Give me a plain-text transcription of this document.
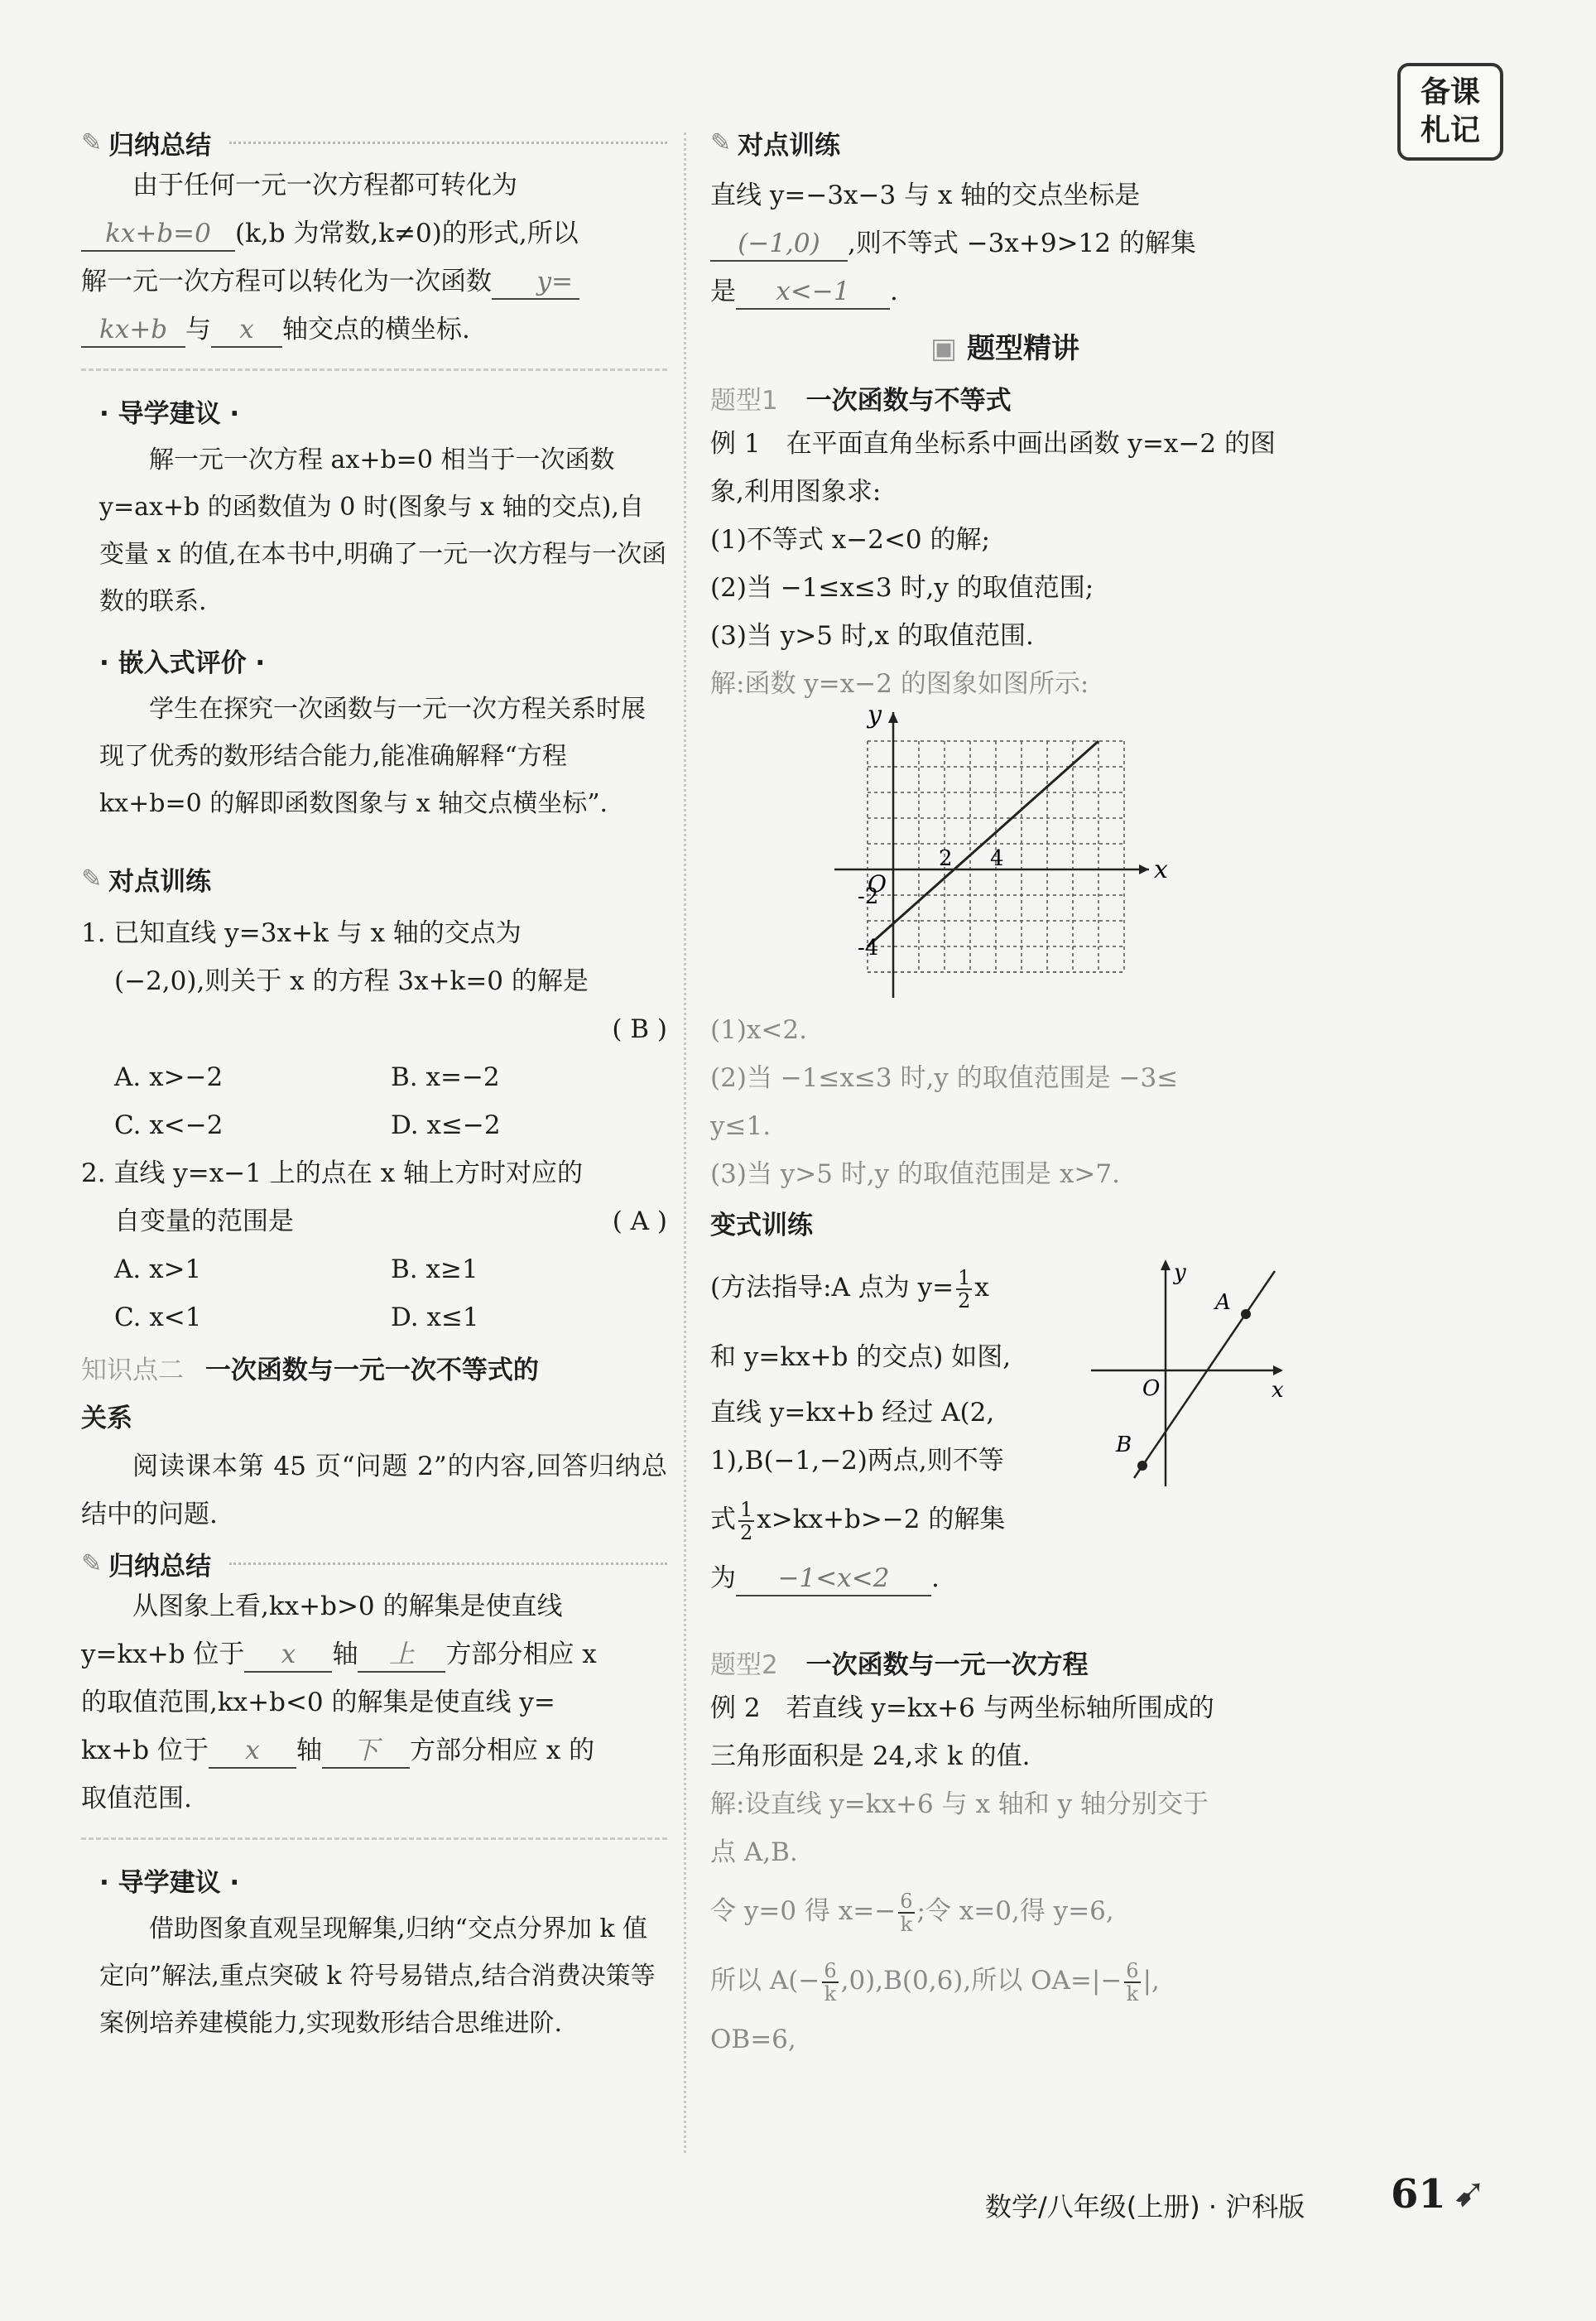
备课
札记
✎ 归纳总结

由于任何一元一次方程都可转化为

kx+b=0 (k,b 为常数,k≠0)的形式,所以

解一元一次方程可以转化为一次函数 y=

kx+b 与 x 轴交点的横坐标.

· 导学建议 ·

解一元一次方程 ax+b=0 相当于一次函数 y=ax+b 的函数值为 0 时(图象与 x 轴的交点),自变量 x 的值,在本书中,明确了一元一次方程与一次函数的联系.

· 嵌入式评价 ·

学生在探究一次函数与一元一次方程关系时展现了优秀的数形结合能力,能准确解释“方程 kx+b=0 的解即函数图象与 x 轴交点横坐标”.

✎ 对点训练

1. 已知直线 y=3x+k 与 x 轴的交点为

(−2,0),则关于 x 的方程 3x+k=0 的解是

( B )

A. x>−2	B. x=−2
C. x<−2	D. x≤−2

2. 直线 y=x−1 上的点在 x 轴上方时对应的

自变量的范围是	( A )

A. x>1	B. x≥1
C. x<1	D. x≤1
知识点二 一次函数与一元一次不等式的
关系

阅读课本第 45 页“问题 2”的内容,回答归纳总结中的问题.

✎ 归纳总结

从图象上看,kx+b>0 的解集是使直线

y=kx+b 位于 x 轴 上 方部分相应 x

的取值范围,kx+b<0 的解集是使直线 y=

kx+b 位于 x 轴 下 方部分相应 x 的

取值范围.

· 导学建议 ·

借助图象直观呈现解集,归纳“交点分界加 k 值定向”解法,重点突破 k 符号易错点,结合消费决策等案例培养建模能力,实现数形结合思维进阶.

✎ 对点训练

直线 y=−3x−3 与 x 轴的交点坐标是

(−1,0) ,则不等式 −3x+9>12 的解集

是 x<−1 .

▣ 题型精讲
题型1 一次函数与不等式

例 1　在平面直角坐标系中画出函数 y=x−2 的图象,利用图象求:

(1)不等式 x−2<0 的解;

(2)当 −1≤x≤3 时,y 的取值范围;

(3)当 y>5 时,x 的取值范围.

解:函数 y=x−2 的图象如图所示:

y
x
O
2 4
-2
-4

(1)x<2.

(2)当 −1≤x≤3 时,y 的取值范围是 −3≤

y≤1.

(3)当 y>5 时,y 的取值范围是 x>7.

变式训练

(方法指导:A 点为 $y= \frac{1}{2}$ x

和 y=kx+b 的交点) 如图,

直线 y=kx+b 经过 A(2,

1),B(−1,−2)两点,则不等

式 $\frac{1}{2} x>kx+b>-2$ 的解集

为 −1<x<2 .

y
x
O
A
B
题型2 一次函数与一元一次方程

例 2　若直线 y=kx+6 与两坐标轴所围成的

三角形面积是 24,求 k 的值.

解:设直线 y=kx+6 与 x 轴和 y 轴分别交于

点 A,B.

令 y=0 得 $x=- \frac{6}{k}$ ;令 x=0,得 y=6,

所以 $A(- \frac{6}{k} ,0),B(0,6)$,所以 $OA=|- \frac{6}{k}$ |,

OB=6,

数学/八年级(上册) · 沪科版 61 ➹
